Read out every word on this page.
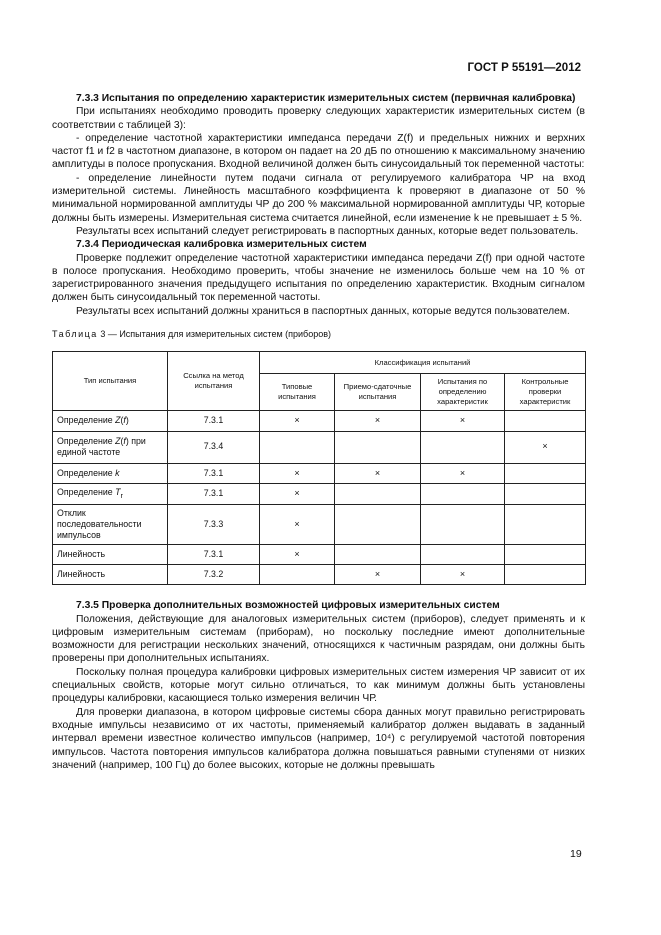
ГОСТ Р 55191—2012

7.3.3 Испытания по определению характеристик измерительных систем (первичная калибровка)

При испытаниях необходимо проводить проверку следующих характеристик измерительных систем (в соответствии с таблицей 3):

- определение частотной характеристики импеданса передачи Z(f) и предельных нижних и верхних частот f1 и f2 в частотном диапазоне, в котором он падает на 20 дБ по отношению к максимальному значению амплитуды в полосе пропускания. Входной величиной должен быть синусоидальный ток переменной частоты:

- определение линейности путем подачи сигнала от регулируемого калибратора ЧР на вход измерительной системы. Линейность масштабного коэффициента k проверяют в диапазоне от 50 % минимальной нормированной амплитуды ЧР до 200 % максимальной нормированной амплитуды ЧР, которые должны быть измерены. Измерительная система считается линейной, если изменение k не превышает ± 5 %.

Результаты всех испытаний следует регистрировать в паспортных данных, которые ведет пользователь.

7.3.4 Периодическая калибровка измерительных систем

Проверке подлежит определение частотной характеристики импеданса передачи Z(f) при одной частоте в полосе пропускания. Необходимо проверить, чтобы значение не изменилось больше чем на 10 % от зарегистрированного значения предыдущего испытания по определению характеристик. Входным сигналом должен быть синусоидальный ток переменной частоты.

Результаты всех испытаний должны храниться в паспортных данных, которые ведутся пользователем.

Таблица 3 — Испытания для измерительных систем (приборов)
Тип испытания	Ссылка на метод испытания	Классификация испытаний			
		Типовые испытания	Приемо-сдаточные испытания	Испытания по определению характеристик	Контрольные проверки характеристик
Определение Z(f)	7.3.1	×	×	×	
Определение Z(f) при единой частоте	7.3.4				×
Определение k	7.3.1	×	×	×	
Определение $T_r$	7.3.1	×			
Отклик последовательности импульсов	7.3.3	×			
Линейность	7.3.1	×			
Линейность	7.3.2		×	×	

7.3.5 Проверка дополнительных возможностей цифровых измерительных систем

Положения, действующие для аналоговых измерительных систем (приборов), следует применять и к цифровым измерительным системам (приборам), но поскольку последние имеют дополнительные возможности для регистрации нескольких значений, относящихся к частичным разрядам, они должны быть проверены при дополнительных испытаниях.

Поскольку полная процедура калибровки цифровых измерительных систем измерения ЧР зависит от их специальных свойств, которые могут сильно отличаться, то как минимум должны быть установлены процедуры калибровки, касающиеся только измерения величин ЧР.

Для проверки диапазона, в котором цифровые системы сбора данных могут правильно регистрировать входные импульсы независимо от их частоты, применяемый калибратор должен выдавать в заданный интервал времени известное количество импульсов (например, 10⁴) с регулируемой частотой повторения импульсов. Частота повторения импульсов калибратора должна повышаться равными ступенями от низких значений (например, 100 Гц) до более высоких, которые не должны превышать

19
